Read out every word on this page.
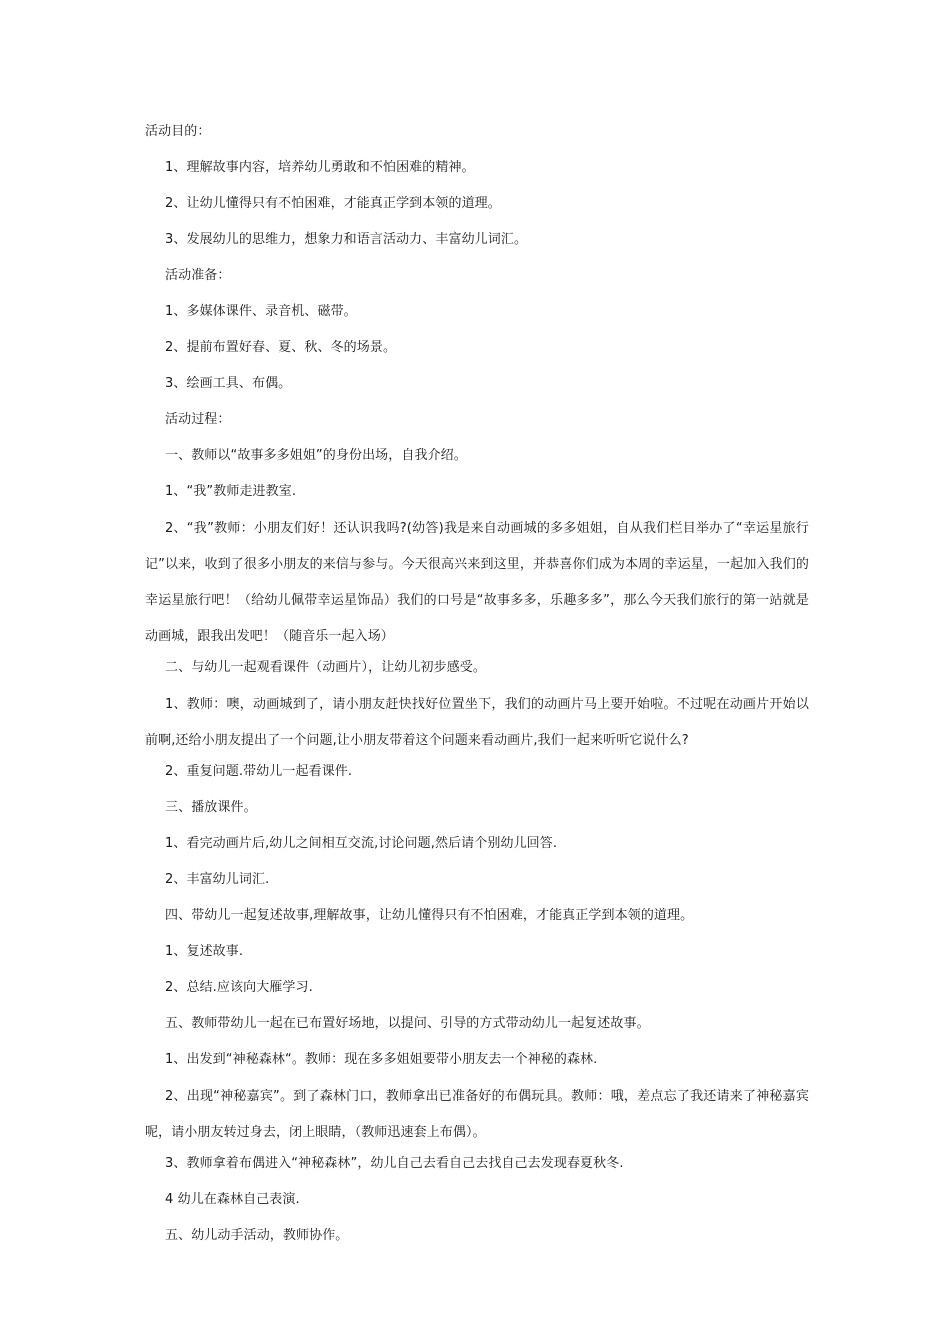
活动目的：

1、理解故事内容，培养幼儿勇敢和不怕困难的精神。

2、让幼儿懂得只有不怕困难，才能真正学到本领的道理。

3、发展幼儿的思维力，想象力和语言活动力、丰富幼儿词汇。

活动准备：

1、多媒体课件、录音机、磁带。

2、提前布置好春、夏、秋、冬的场景。

3、绘画工具、布偶。

活动过程：

一、教师以“故事多多姐姐”的身份出场，自我介绍。

1、“我”教师走进教室.

2、“我”教师：小朋友们好！还认识我吗?(幼答)我是来自动画城的多多姐姐，自从我们栏目举办了“幸运星旅行记”以来，收到了很多小朋友的来信与参与。今天很高兴来到这里，并恭喜你们成为本周的幸运星，一起加入我们的幸运星旅行吧！（给幼儿佩带幸运星饰品）我们的口号是“故事多多，乐趣多多”，那么今天我们旅行的第一站就是动画城，跟我出发吧！（随音乐一起入场）

二、与幼儿一起观看课件（动画片），让幼儿初步感受。

1、教师：噢，动画城到了，请小朋友赶快找好位置坐下，我们的动画片马上要开始啦。不过呢在动画片开始以前啊,还给小朋友提出了一个问题,让小朋友带着这个问题来看动画片,我们一起来听听它说什么?

2、重复问题.带幼儿一起看课件.

三、播放课件。

1、看完动画片后,幼儿之间相互交流,讨论问题,然后请个别幼儿回答.

2、丰富幼儿词汇.

四、带幼儿一起复述故事,理解故事，让幼儿懂得只有不怕困难，才能真正学到本领的道理。

1、复述故事.

2、总结.应该向大雁学习.

五、教师带幼儿一起在已布置好场地，以提问、引导的方式带动幼儿一起复述故事。

1、出发到“神秘森林“。教师：现在多多姐姐要带小朋友去一个神秘的森林.

2、出现“神秘嘉宾”。到了森林门口，教师拿出已准备好的布偶玩具。教师：哦，差点忘了我还请来了神秘嘉宾呢，请小朋友转过身去，闭上眼睛，（教师迅速套上布偶）。

3、教师拿着布偶进入“神秘森林”，幼儿自己去看自己去找自己去发现春夏秋冬.

4 幼儿在森林自己表演.

五、幼儿动手活动，教师协作。
